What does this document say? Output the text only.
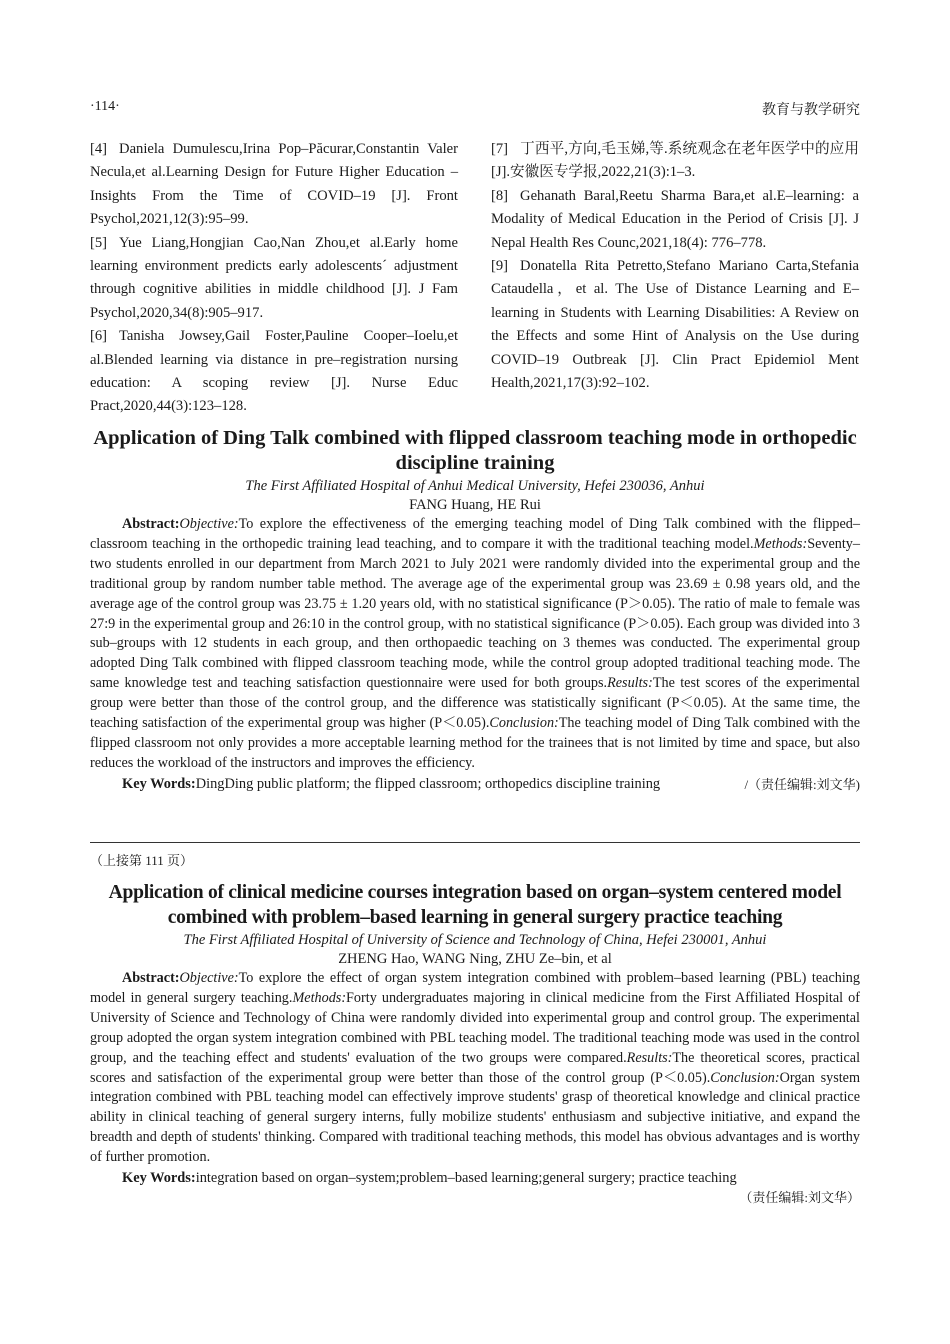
·114·	教育与教学研究

[4] Daniela Dumulescu,Irina Pop–Păcurar,Constantin Valer Necula,et al.Learning Design for Future Higher Education – Insights From the Time of COVID–19 [J]. Front Psychol,2021,12(3):95–99.

[5] Yue Liang,Hongjian Cao,Nan Zhou,et al.Early home learning environment predicts early adolescents´ adjustment through cognitive abilities in middle childhood [J]. J Fam Psychol,2020,34(8):905–917.

[6] Tanisha Jowsey,Gail Foster,Pauline Cooper–Ioelu,et al.Blended learning via distance in pre–registration nursing education: A scoping review [J]. Nurse Educ Pract,2020,44(3):123–128.

[7] 丁西平,方向,毛玉娣,等.系统观念在老年医学中的应用[J].安徽医专学报,2022,21(3):1–3.

[8] Gehanath Baral,Reetu Sharma Bara,et al.E–learning: a Modality of Medical Education in the Period of Crisis [J]. J Nepal Health Res Counc,2021,18(4): 776–778.

[9] Donatella Rita Petretto,Stefano Mariano Carta,Stefania Cataudella，et al. The Use of Distance Learning and E–learning in Students with Learning Disabilities: A Review on the Effects and some Hint of Analysis on the Use during COVID–19 Outbreak [J]. Clin Pract Epidemiol Ment Health,2021,17(3):92–102.

Application of Ding Talk combined with flipped classroom teaching mode in orthopedic discipline training

The First Affiliated Hospital of Anhui Medical University, Hefei 230036, Anhui

FANG Huang, HE Rui

Abstract:Objective:To explore the effectiveness of the emerging teaching model of Ding Talk combined with the flipped–classroom teaching in the orthopedic training lead teaching, and to compare it with the traditional teaching model.Methods:Seventy–two students enrolled in our department from March 2021 to July 2021 were randomly divided into the experimental group and the traditional group by random number table method. The average age of the experimental group was 23.69 ± 0.98 years old, and the average age of the control group was 23.75 ± 1.20 years old, with no statistical significance (P＞0.05). The ratio of male to female was 27:9 in the experimental group and 26:10 in the control group, with no statistical significance (P＞0.05). Each group was divided into 3 sub–groups with 12 students in each group, and then orthopaedic teaching on 3 themes was conducted. The experimental group adopted Ding Talk combined with flipped classroom teaching mode, while the control group adopted traditional teaching mode. The same knowledge test and teaching satisfaction questionnaire were used for both groups.Results:The test scores of the experimental group were better than those of the control group, and the difference was statistically significant (P＜0.05). At the same time, the teaching satisfaction of the experimental group was higher (P＜0.05).Conclusion:The teaching model of Ding Talk combined with the flipped classroom not only provides a more acceptable learning method for the trainees that is not limited by time and space, but also reduces the workload of the instructors and improves the efficiency.

Key Words:DingDing public platform; the flipped classroom; orthopedics discipline training	/（责任编辑:刘文华)

（上接第 111 页）

Application of clinical medicine courses integration based on organ–system centered model combined with problem–based learning in general surgery practice teaching

The First Affiliated Hospital of University of Science and Technology of China, Hefei 230001, Anhui

ZHENG Hao, WANG Ning, ZHU Ze–bin, et al

Abstract:Objective:To explore the effect of organ system integration combined with problem–based learning (PBL) teaching model in general surgery teaching.Methods:Forty undergraduates majoring in clinical medicine from the First Affiliated Hospital of University of Science and Technology of China were randomly divided into experimental group and control group. The experimental group adopted the organ system integration combined with PBL teaching model. The traditional teaching mode was used in the control group, and the teaching effect and students' evaluation of the two groups were compared.Results:The theoretical scores, practical scores and satisfaction of the experimental group were better than those of the control group (P＜0.05).Conclusion:Organ system integration combined with PBL teaching model can effectively improve students' grasp of theoretical knowledge and clinical practice ability in clinical teaching of general surgery interns, fully mobilize students' enthusiasm and subjective initiative, and expand the breadth and depth of students' thinking. Compared with traditional teaching methods, this model has obvious advantages and is worthy of further promotion.

Key Words:integration based on organ–system;problem–based learning;general surgery; practice teaching

（责任编辑:刘文华）
